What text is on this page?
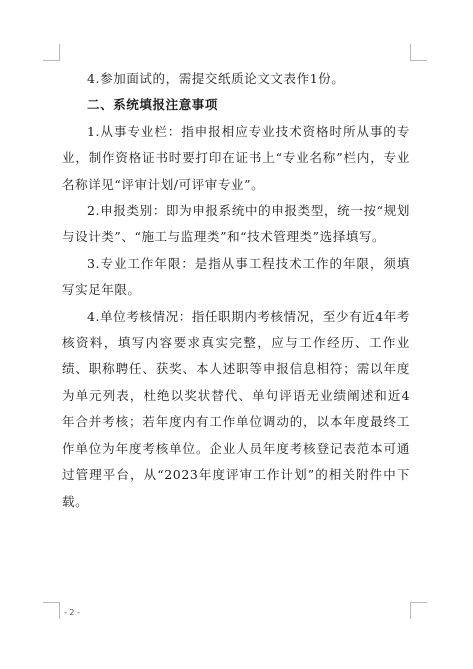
4.参加面试的，需提交纸质论文文表作1份。

二、系统填报注意事项

1.从事专业栏：指申报相应专业技术资格时所从事的专业，制作资格证书时要打印在证书上“专业名称”栏内，专业名称详见“评审计划/可评审专业”。

2.申报类别：即为申报系统中的申报类型，统一按“规划与设计类”、“施工与监理类”和“技术管理类”选择填写。

3.专业工作年限：是指从事工程技术工作的年限，须填写实足年限。

4.单位考核情况：指任职期内考核情况，至少有近4年考核资料，填写内容要求真实完整，应与工作经历、工作业绩、职称聘任、获奖、本人述职等申报信息相符；需以年度为单元列表，杜绝以奖状替代、单句评语无业绩阐述和近4年合并考核；若年度内有工作单位调动的，以本年度最终工作单位为年度考核单位。企业人员年度考核登记表范本可通过管理平台，从“2023年度评审工作计划”的相关附件中下载。

- 2 -
